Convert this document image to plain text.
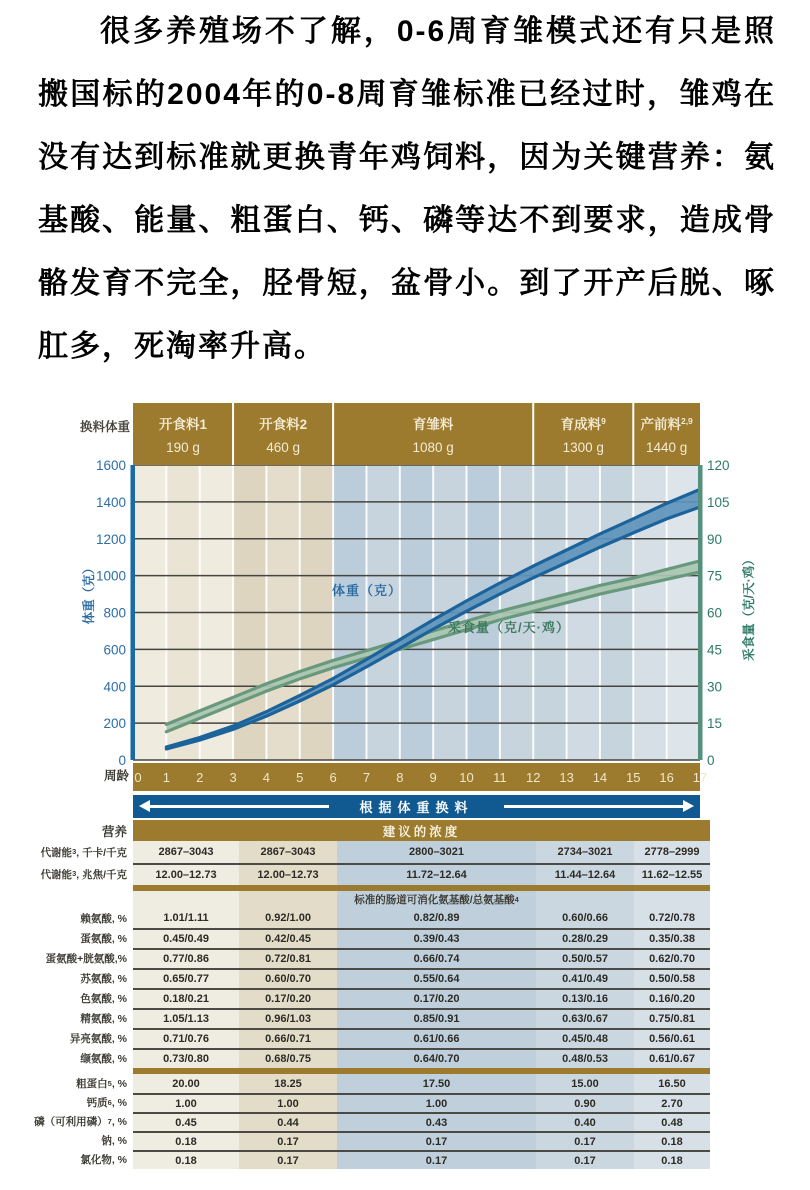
很多养殖场不了解，0-6周育雏模式还有只是照搬国标的2004年的0-8周育雏标准已经过时，雏鸡在没有达到标准就更换青年鸡饲料，因为关键营养：氨基酸、能量、粗蛋白、钙、磷等达不到要求，造成骨骼发育不完全，胫骨短，盆骨小。到了开产后脱、啄肛多，死淘率升高。

换料体重 开食料1
190 g
开食料2
460 g
育雏料
1080 g
育成料$^9$
1300 g
产前料$^{2,9}$
1440 g
0 1 2 3 4 5 6 7 8 9 10 11 12 13 14 15 16 17
0
200
400
600
800
1000
1200
1400
1600
0
15
30
45
60
75
90
105
120
体重（克）	采食量（克/天·鸡）
体重（克）
采食量（克/天·鸡）
周龄
根据体重换料
营养	建议的浓度
代谢能 3 , 千卡/千克	2867–3043	2867–3043	2800–3021	2734–3021	2778–2999
代谢能 3 , 兆焦/千克	12.00–12.73	12.00–12.73	11.72–12.64	11.44–12.64	11.62–12.55
标准的肠道可消化氨基酸/总氨基酸 4
赖氨酸, %	1.01/1.11	0.92/1.00	0.82/0.89	0.60/0.66	0.72/0.78
蛋氨酸, %	0.45/0.49	0.42/0.45	0.39/0.43	0.28/0.29	0.35/0.38
蛋氨酸+胱氨酸,%	0.77/0.86	0.72/0.81	0.66/0.74	0.50/0.57	0.62/0.70
苏氨酸, %	0.65/0.77	0.60/0.70	0.55/0.64	0.41/0.49	0.50/0.58
色氨酸, %	0.18/0.21	0.17/0.20	0.17/0.20	0.13/0.16	0.16/0.20
精氨酸, %	1.05/1.13	0.96/1.03	0.85/0.91	0.63/0.67	0.75/0.81
异亮氨酸, %	0.71/0.76	0.66/0.71	0.61/0.66	0.45/0.48	0.56/0.61
缬氨酸, %	0.73/0.80	0.68/0.75	0.64/0.70	0.48/0.53	0.61/0.67
粗蛋白 5 , %	20.00	18.25	17.50	15.00	16.50
钙质 6 , %	1.00	1.00	1.00	0.90	2.70
磷（可利用磷） 7 , %	0.45	0.44	0.43	0.40	0.48
钠, %	0.18	0.17	0.17	0.17	0.18
氯化物, %	0.18	0.17	0.17	0.17	0.18
